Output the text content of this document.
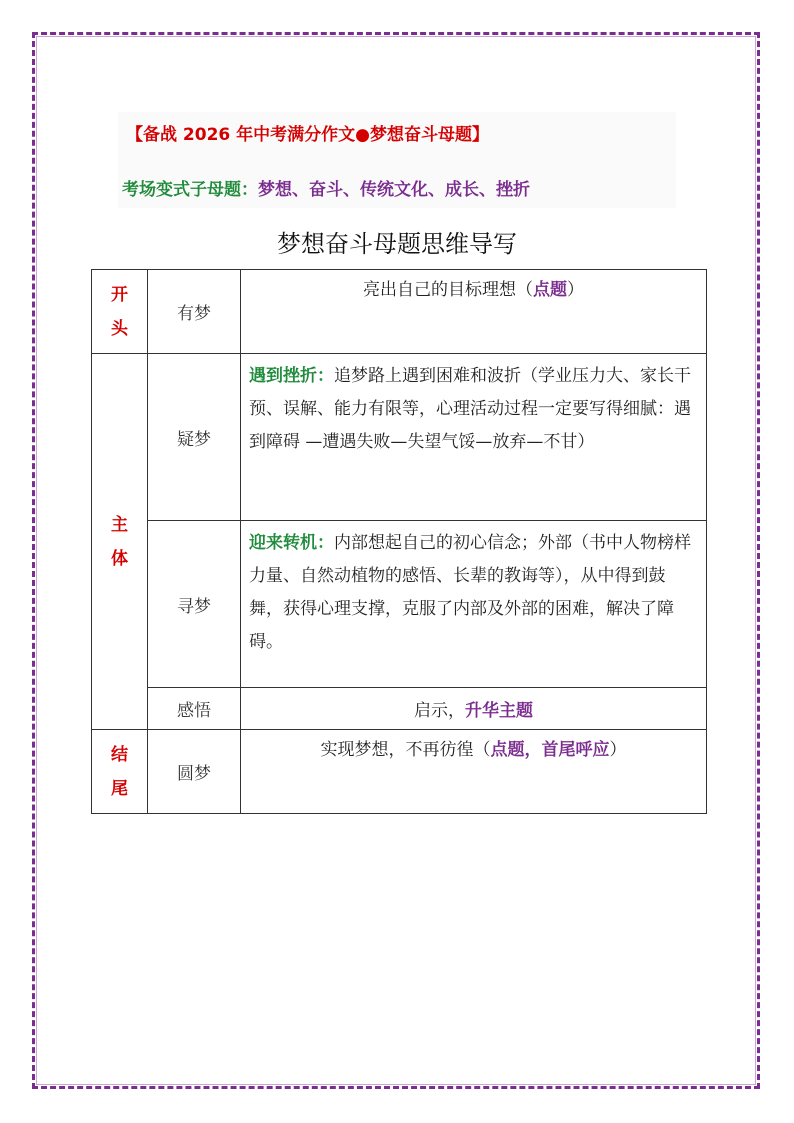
【备战 2026 年中考满分作文●梦想奋斗母题】
考场变式子母题：梦想、奋斗、传统文化、成长、挫折
梦想奋斗母题思维导写
开
头	有梦	亮出自己的目标理想（点题）

主
体	疑梦	遇到挫折：追梦路上遇到困难和波折（学业压力大、家长干预、误解、能力有限等，心理活动过程一定要写得细腻：遇到障碍 —遭遇失败—失望气馁—放弃—不甘）

	寻梦	迎来转机：内部想起自己的初心信念；外部（书中人物榜样力量、自然动植物的感悟、长辈的教诲等），从中得到鼓舞，获得心理支撑，克服了内部及外部的困难，解决了障碍。

	感悟	启示，升华主题

结
尾	圆梦	实现梦想，不再彷徨（点题，首尾呼应）
